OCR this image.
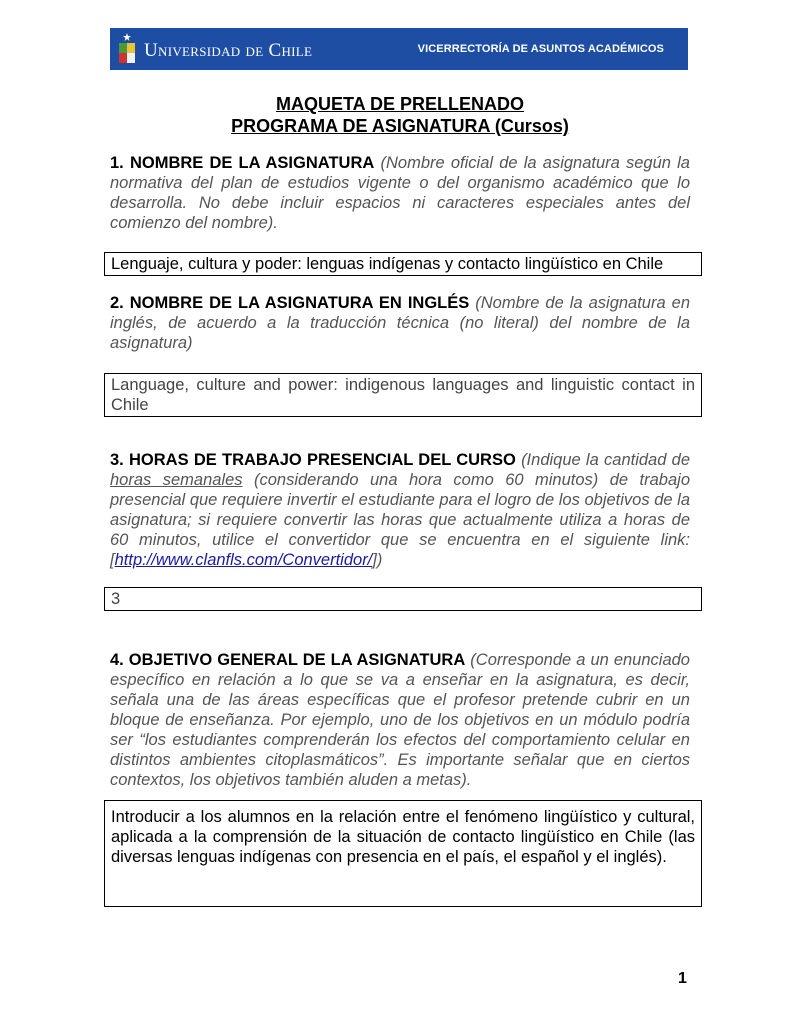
Universidad de Chile	VICERRECTORÍA DE ASUNTOS ACADÉMICOS
MAQUETA DE PRELLENADO
PROGRAMA DE ASIGNATURA (Cursos)
1. NOMBRE DE LA ASIGNATURA (Nombre oficial de la asignatura según la normativa del plan de estudios vigente o del organismo académico que lo desarrolla. No debe incluir espacios ni caracteres especiales antes del comienzo del nombre).
Lenguaje, cultura y poder: lenguas indígenas y contacto lingüístico en Chile
2. NOMBRE DE LA ASIGNATURA EN INGLÉS (Nombre de la asignatura en inglés, de acuerdo a la traducción técnica (no literal) del nombre de la asignatura)
Language, culture and power: indigenous languages and linguistic contact in Chile
3. HORAS DE TRABAJO PRESENCIAL DEL CURSO (Indique la cantidad de horas semanales (considerando una hora como 60 minutos) de trabajo presencial que requiere invertir el estudiante para el logro de los objetivos de la asignatura; si requiere convertir las horas que actualmente utiliza a horas de 60 minutos, utilice el convertidor que se encuentra en el siguiente link: [http://www.clanfls.com/Convertidor/])
3
4. OBJETIVO GENERAL DE LA ASIGNATURA (Corresponde a un enunciado específico en relación a lo que se va a enseñar en la asignatura, es decir, señala una de las áreas específicas que el profesor pretende cubrir en un bloque de enseñanza. Por ejemplo, uno de los objetivos en un módulo podría ser “los estudiantes comprenderán los efectos del comportamiento celular en distintos ambientes citoplasmáticos”. Es importante señalar que en ciertos contextos, los objetivos también aluden a metas).
Introducir a los alumnos en la relación entre el fenómeno lingüístico y cultural, aplicada a la comprensión de la situación de contacto lingüístico en Chile (las diversas lenguas indígenas con presencia en el país, el español y el inglés).
1
